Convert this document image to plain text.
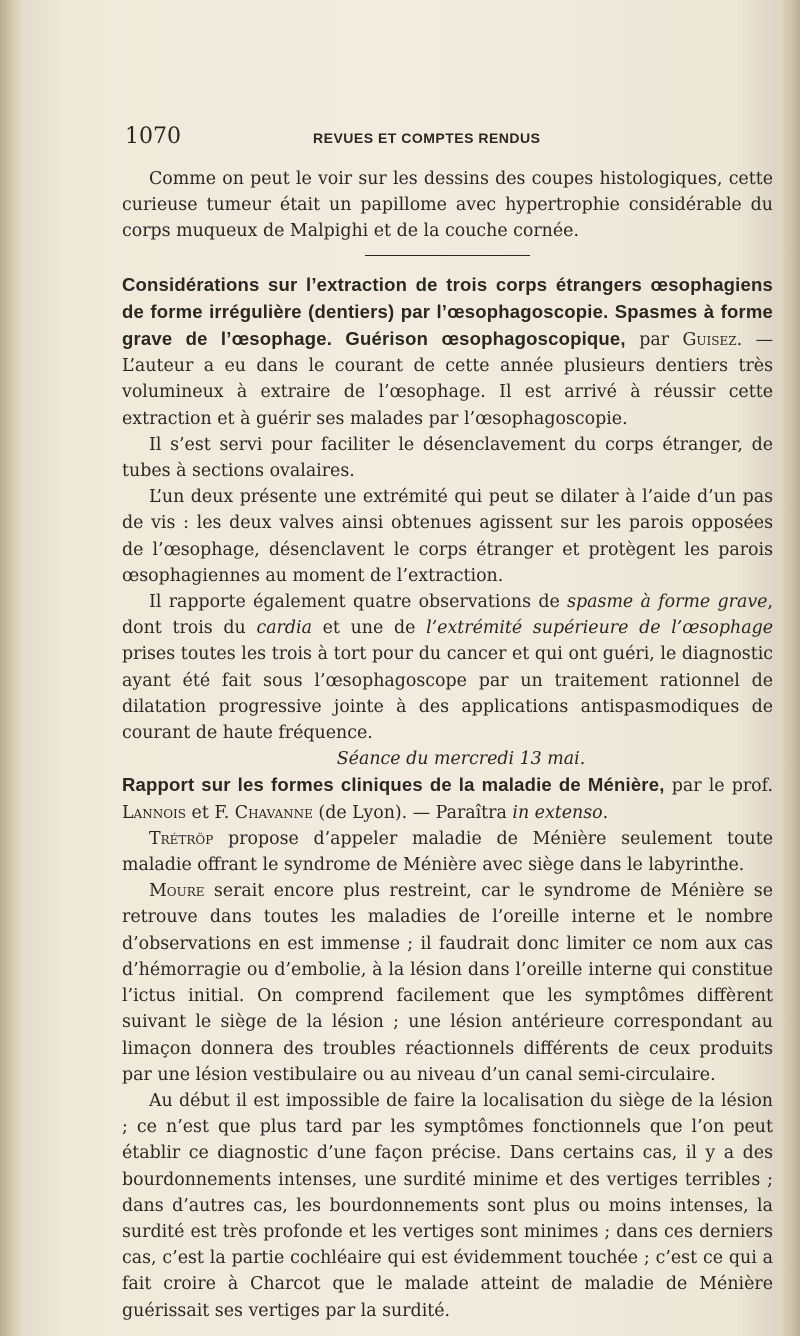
1070	REVUES ET COMPTES RENDUS

Comme on peut le voir sur les dessins des coupes histologiques, cette curieuse tumeur était un papillome avec hypertrophie considérable du corps muqueux de Malpighi et de la couche cornée.

Considérations sur l’extraction de trois corps étrangers œsophagiens de forme irrégulière (dentiers) par l’œsophagoscopie. Spasmes à forme grave de l’œsophage. Guérison œsophagoscopique, par Guisez. — L’auteur a eu dans le courant de cette année plusieurs dentiers très volumineux à extraire de l’œsophage. Il est arrivé à réussir cette extraction et à guérir ses malades par l’œsophagoscopie.

Il s’est servi pour faciliter le désenclavement du corps étranger, de tubes à sections ovalaires.

L’un deux présente une extrémité qui peut se dilater à l’aide d’un pas de vis : les deux valves ainsi obtenues agissent sur les parois opposées de l’œsophage, désenclavent le corps étranger et protègent les parois œsophagiennes au moment de l’extraction.

Il rapporte également quatre observations de spasme à forme grave, dont trois du cardia et une de l’extrémité supérieure de l’œsophage prises toutes les trois à tort pour du cancer et qui ont guéri, le diagnostic ayant été fait sous l’œsophagoscope par un traitement rationnel de dilatation progressive jointe à des applications antispasmodiques de courant de haute fréquence.

Séance du mercredi 13 mai.

Rapport sur les formes cliniques de la maladie de Ménière, par le prof. Lannois et F. Chavanne (de Lyon). — Paraîtra in extenso.

Trétröp propose d’appeler maladie de Ménière seulement toute maladie offrant le syndrome de Ménière avec siège dans le labyrinthe.

Moure serait encore plus restreint, car le syndrome de Ménière se retrouve dans toutes les maladies de l’oreille interne et le nombre d’observations en est immense ; il faudrait donc limiter ce nom aux cas d’hémorragie ou d’embolie, à la lésion dans l’oreille interne qui constitue l’ictus initial. On comprend facilement que les symptômes diffèrent suivant le siège de la lésion ; une lésion antérieure correspondant au limaçon donnera des troubles réactionnels différents de ceux produits par une lésion vestibulaire ou au niveau d’un canal semi-circulaire.

Au début il est impossible de faire la localisation du siège de la lésion ; ce n’est que plus tard par les symptômes fonctionnels que l’on peut établir ce diagnostic d’une façon précise. Dans certains cas, il y a des bourdonnements intenses, une surdité minime et des vertiges terribles ; dans d’autres cas, les bourdonnements sont plus ou moins intenses, la surdité est très profonde et les vertiges sont minimes ; dans ces derniers cas, c’est la partie cochléaire qui est évidemment touchée ; c’est ce qui a fait croire à Charcot que le malade atteint de maladie de Ménière guérissait ses vertiges par la surdité.
